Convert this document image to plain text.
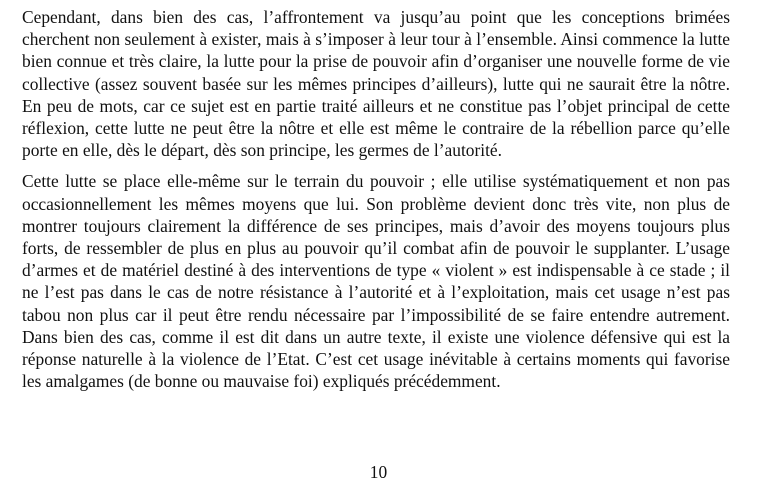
Cependant, dans bien des cas, l’affrontement va jusqu’au point que les conceptions brimées cherchent non seulement à exister, mais à s’imposer à leur tour à l’ensemble. Ainsi commence la lutte bien connue et très claire, la lutte pour la prise de pouvoir afin d’organiser une nouvelle forme de vie collective (assez souvent basée sur les mêmes principes d’ailleurs), lutte qui ne saurait être la nôtre. En peu de mots, car ce sujet est en partie traité ailleurs et ne constitue pas l’objet principal de cette réflexion, cette lutte ne peut être la nôtre et elle est même le contraire de la rébellion parce qu’elle porte en elle, dès le départ, dès son principe, les germes de l’autorité.

Cette lutte se place elle-même sur le terrain du pouvoir ; elle utilise systématiquement et non pas occasionnellement les mêmes moyens que lui. Son problème devient donc très vite, non plus de montrer toujours clairement la différence de ses principes, mais d’avoir des moyens toujours plus forts, de ressembler de plus en plus au pouvoir qu’il combat afin de pouvoir le supplanter. L’usage d’armes et de matériel destiné à des interventions de type « violent » est indispensable à ce stade ; il ne l’est pas dans le cas de notre résistance à l’autorité et à l’exploitation, mais cet usage n’est pas tabou non plus car il peut être rendu nécessaire par l’impossibilité de se faire entendre autrement. Dans bien des cas, comme il est dit dans un autre texte, il existe une violence défensive qui est la réponse naturelle à la violence de l’Etat. C’est cet usage inévitable à certains moments qui favorise les amalgames (de bonne ou mauvaise foi) expliqués précédemment.

10
